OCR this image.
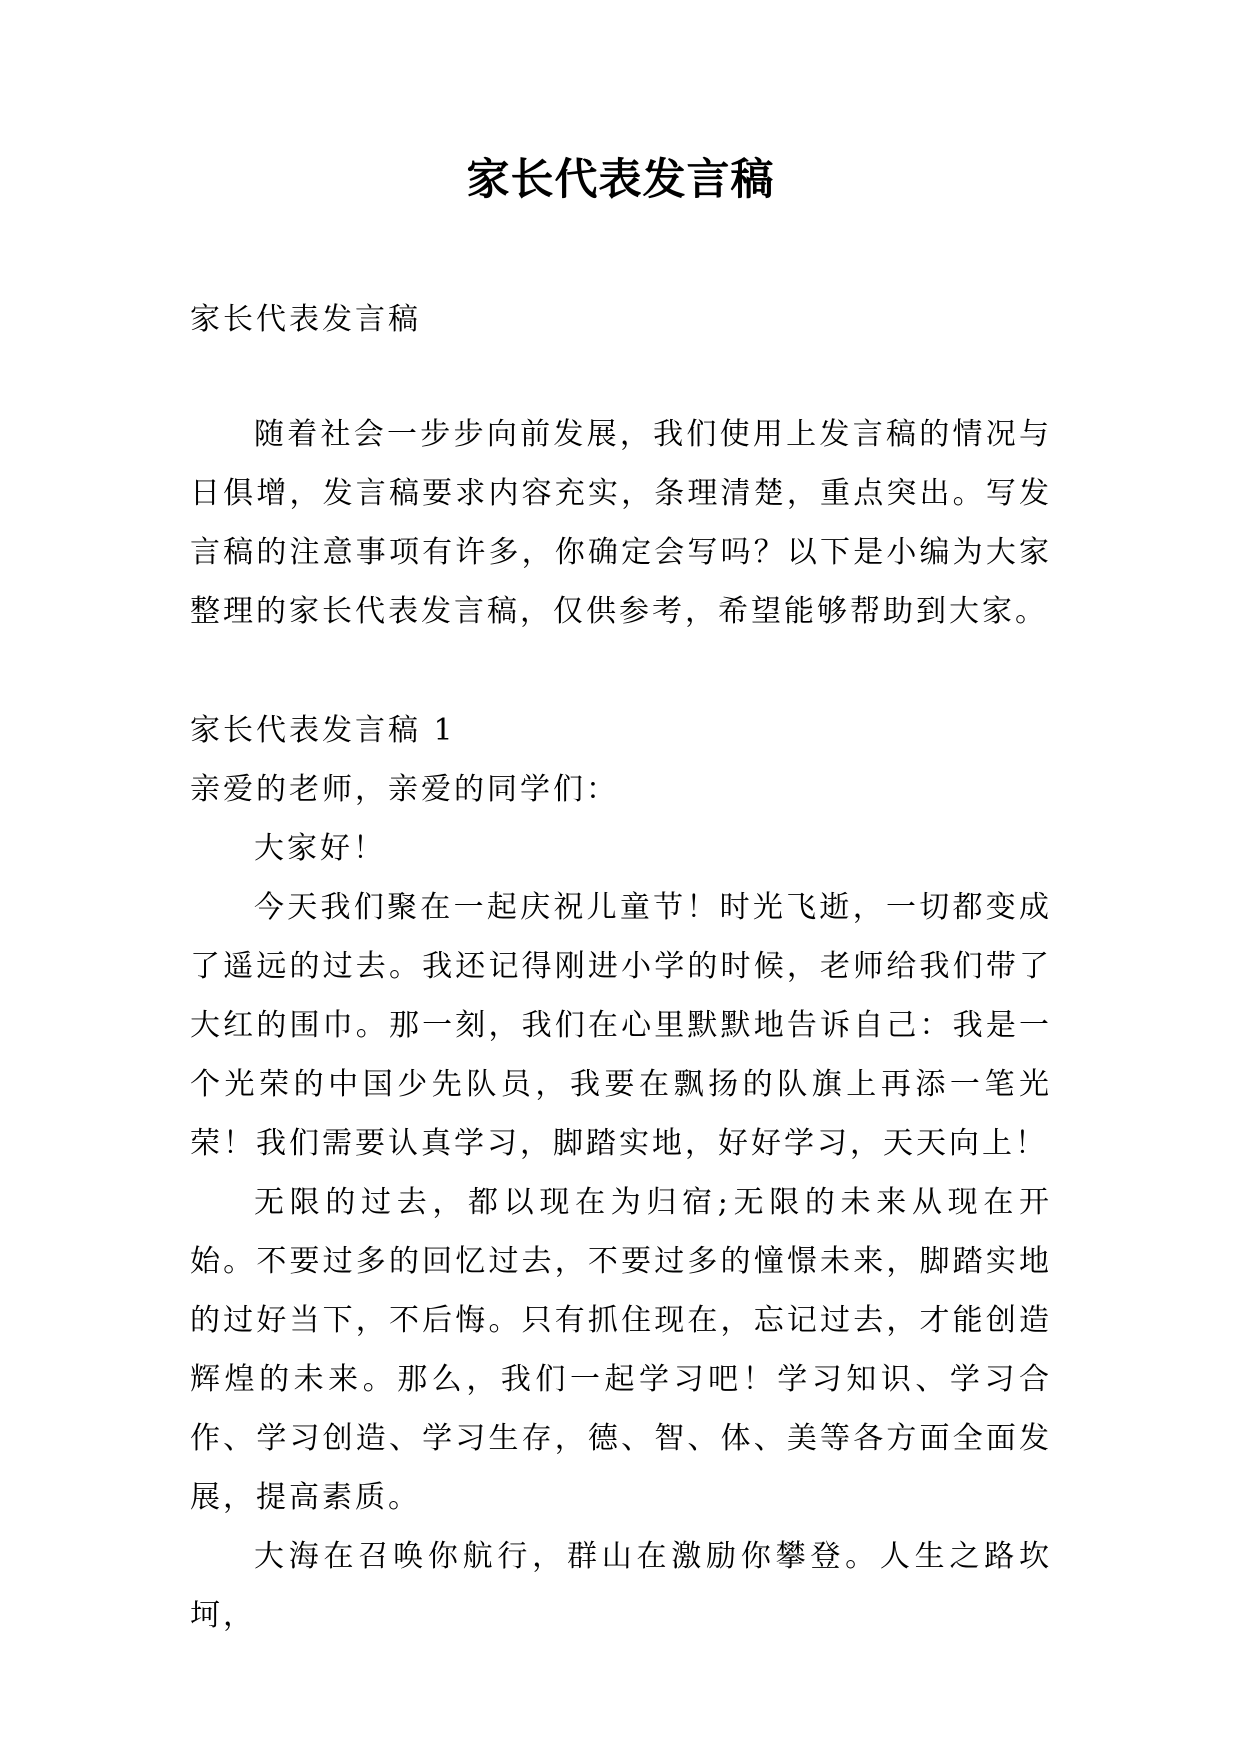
家长代表发言稿

家长代表发言稿

随着社会一步步向前发展，我们使用上发言稿的情况与日俱增，发言稿要求内容充实，条理清楚，重点突出。写发言稿的注意事项有许多，你确定会写吗？以下是小编为大家整理的家长代表发言稿，仅供参考，希望能够帮助到大家。

家长代表发言稿 1

亲爱的老师，亲爱的同学们：

大家好！

今天我们聚在一起庆祝儿童节！时光飞逝，一切都变成了遥远的过去。我还记得刚进小学的时候，老师给我们带了大红的围巾。那一刻，我们在心里默默地告诉自己：我是一个光荣的中国少先队员，我要在飘扬的队旗上再添一笔光荣！我们需要认真学习，脚踏实地，好好学习，天天向上！

无限的过去，都以现在为归宿;无限的未来从现在开始。不要过多的回忆过去，不要过多的憧憬未来，脚踏实地的过好当下，不后悔。只有抓住现在，忘记过去，才能创造辉煌的未来。那么，我们一起学习吧！学习知识、学习合作、学习创造、学习生存，德、智、体、美等各方面全面发展，提高素质。

大海在召唤你航行，群山在激励你攀登。人生之路坎坷，
